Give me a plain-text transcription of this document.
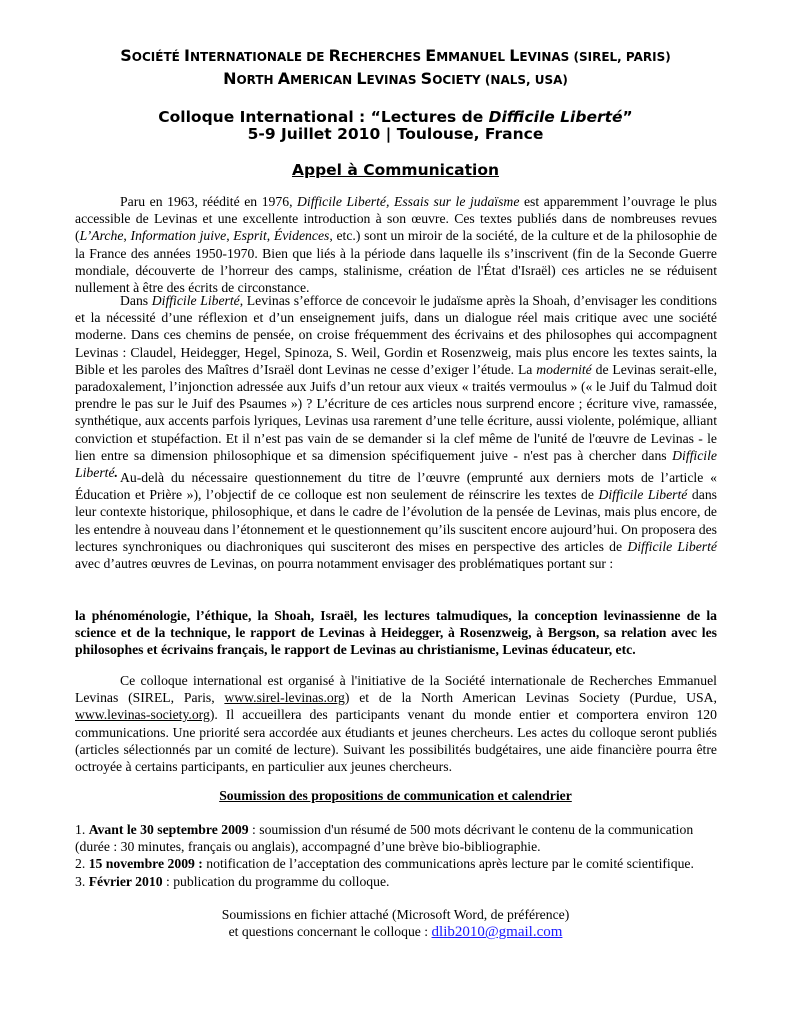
SOCIÉTÉ INTERNATIONALE DE RECHERCHES EMMANUEL LEVINAS (SIREL, PARIS)
NORTH AMERICAN LEVINAS SOCIETY (NALS, USA)
Colloque International : “Lectures de Difficile Liberté”
5-9 Juillet 2010 | Toulouse, France
Appel à Communication

Paru en 1963, réédité en 1976, Difficile Liberté, Essais sur le judaïsme est apparemment l’ouvrage le plus accessible de Levinas et une excellente introduction à son œuvre. Ces textes publiés dans de nombreuses revues (L’Arche, Information juive, Esprit, Évidences, etc.) sont un miroir de la société, de la culture et de la philosophie de la France des années 1950-1970. Bien que liés à la période dans laquelle ils s’inscrivent (fin de la Seconde Guerre mondiale, découverte de l’horreur des camps, stalinisme, création de l'État d'Israël) ces articles ne se réduisent nullement à être des écrits de circonstance.

Dans Difficile Liberté, Levinas s’efforce de concevoir le judaïsme après la Shoah, d’envisager les conditions et la nécessité d’une réflexion et d’un enseignement juifs, dans un dialogue réel mais critique avec une société moderne. Dans ces chemins de pensée, on croise fréquemment des écrivains et des philosophes qui accompagnent Levinas : Claudel, Heidegger, Hegel, Spinoza, S. Weil, Gordin et Rosenzweig, mais plus encore les textes saints, la Bible et les paroles des Maîtres d’Israël dont Levinas ne cesse d’exiger l’étude. La modernité de Levinas serait-elle, paradoxalement, l’injonction adressée aux Juifs d’un retour aux vieux « traités vermoulus » (« le Juif du Talmud doit prendre le pas sur le Juif des Psaumes ») ? L’écriture de ces articles nous surprend encore ; écriture vive, ramassée, synthétique, aux accents parfois lyriques, Levinas usa rarement d’une telle écriture, aussi violente, polémique, alliant conviction et stupéfaction. Et il n’est pas vain de se demander si la clef même de l'unité de l'œuvre de Levinas - le lien entre sa dimension philosophique et sa dimension spécifiquement juive - n'est pas à chercher dans Difficile Liberté. Au-delà du nécessaire questionnement du titre de l’œuvre (emprunté aux derniers mots de l’article « Éducation et Prière »), l’objectif de ce colloque est non seulement de réinscrire les textes de Difficile Liberté dans leur contexte historique, philosophique, et dans le cadre de l’évolution de la pensée de Levinas, mais plus encore, de les entendre à nouveau dans l’étonnement et le questionnement qu’ils suscitent encore aujourd’hui. On proposera des lectures synchroniques ou diachroniques qui susciteront des mises en perspective des articles de Difficile Liberté avec d’autres œuvres de Levinas, on pourra notamment envisager des problématiques portant sur :

la phénoménologie, l’éthique, la Shoah, Israël, les lectures talmudiques, la conception levinassienne de la science et de la technique, le rapport de Levinas à Heidegger, à Rosenzweig, à Bergson, sa relation avec les philosophes et écrivains français, le rapport de Levinas au christianisme, Levinas éducateur, etc.

Ce colloque international est organisé à l'initiative de la Société internationale de Recherches Emmanuel Levinas (SIREL, Paris, www.sirel-levinas.org) et de la North American Levinas Society (Purdue, USA, www.levinas-society.org). Il accueillera des participants venant du monde entier et comportera environ 120 communications. Une priorité sera accordée aux étudiants et jeunes chercheurs. Les actes du colloque seront publiés (articles sélectionnés par un comité de lecture). Suivant les possibilités budgétaires, une aide financière pourra être octroyée à certains participants, en particulier aux jeunes chercheurs.

Soumission des propositions de communication et calendrier

1. Avant le 30 septembre 2009 : soumission d'un résumé de 500 mots décrivant le contenu de la communication (durée : 30 minutes, français ou anglais), accompagné d’une brève bio-bibliographie.

2. 15 novembre 2009 : notification de l’acceptation des communications après lecture par le comité scientifique.

3. Février 2010 : publication du programme du colloque.

Soumissions en fichier attaché (Microsoft Word, de préférence)
et questions concernant le colloque : dlib2010@gmail.com
